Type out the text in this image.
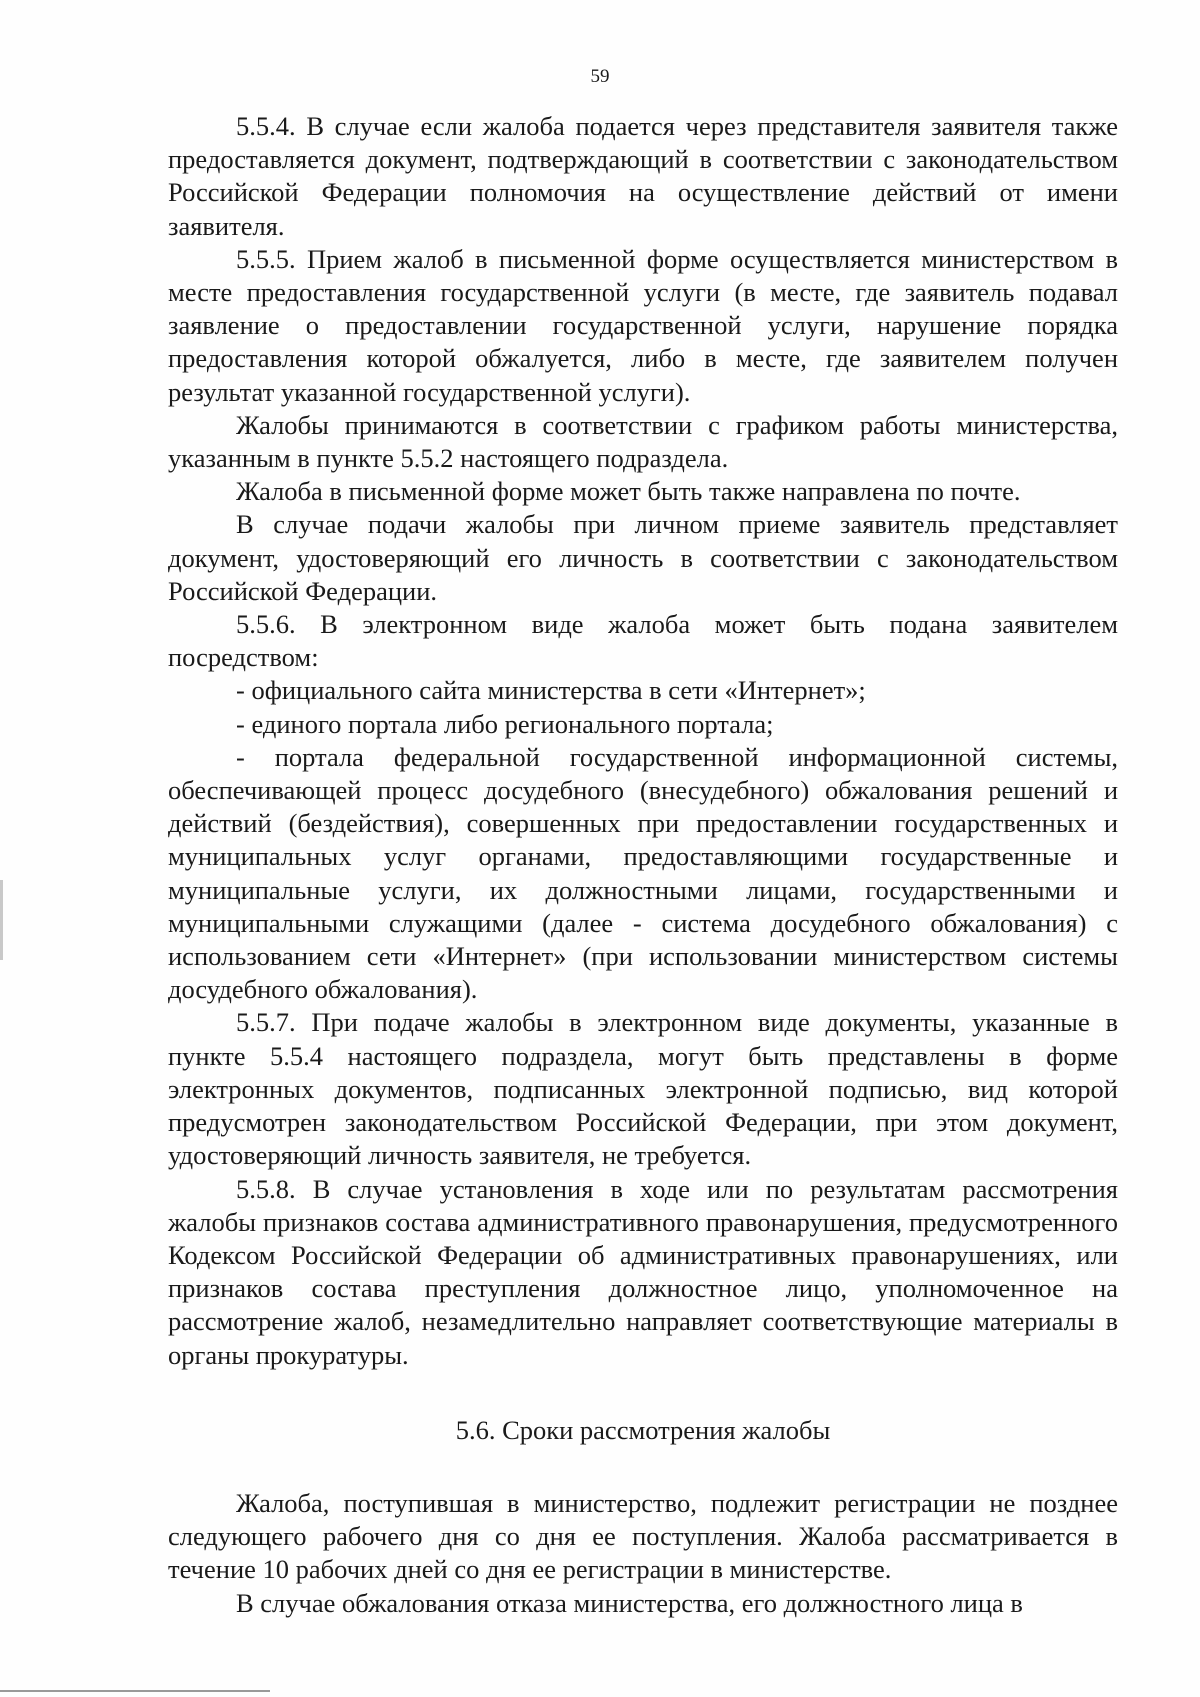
59

5.5.4. В случае если жалоба подается через представителя заявителя также предоставляется документ, подтверждающий в соответствии с законодательством Российской Федерации полномочия на осуществление действий от имени заявителя.

5.5.5. Прием жалоб в письменной форме осуществляется министерством в месте предоставления государственной услуги (в месте, где заявитель подавал заявление о предоставлении государственной услуги, нарушение порядка предоставления которой обжалуется, либо в месте, где заявителем получен результат указанной государственной услуги).

Жалобы принимаются в соответствии с графиком работы министерства, указанным в пункте 5.5.2 настоящего подраздела.

Жалоба в письменной форме может быть также направлена по почте.

В случае подачи жалобы при личном приеме заявитель представляет документ, удостоверяющий его личность в соответствии с законодательством Российской Федерации.

5.5.6. В электронном виде жалоба может быть подана заявителем посредством:

- официального сайта министерства в сети «Интернет»;

- единого портала либо регионального портала;

- портала федеральной государственной информационной системы, обеспечивающей процесс досудебного (внесудебного) обжалования решений и действий (бездействия), совершенных при предоставлении государственных и муниципальных услуг органами, предоставляющими государственные и муниципальные услуги, их должностными лицами, государственными и муниципальными служащими (далее - система досудебного обжалования) с использованием сети «Интернет» (при использовании министерством системы досудебного обжалования).

5.5.7. При подаче жалобы в электронном виде документы, указанные в пункте 5.5.4 настоящего подраздела, могут быть представлены в форме электронных документов, подписанных электронной подписью, вид которой предусмотрен законодательством Российской Федерации, при этом документ, удостоверяющий личность заявителя, не требуется.

5.5.8. В случае установления в ходе или по результатам рассмотрения жалобы признаков состава административного правонарушения, предусмотренного Кодексом Российской Федерации об административных правонарушениях, или признаков состава преступления должностное лицо, уполномоченное на рассмотрение жалоб, незамедлительно направляет соответствующие материалы в органы прокуратуры.

5.6. Сроки рассмотрения жалобы

Жалоба, поступившая в министерство, подлежит регистрации не позднее следующего рабочего дня со дня ее поступления. Жалоба рассматривается в течение 10 рабочих дней со дня ее регистрации в министерстве.

В случае обжалования отказа министерства, его должностного лица в
